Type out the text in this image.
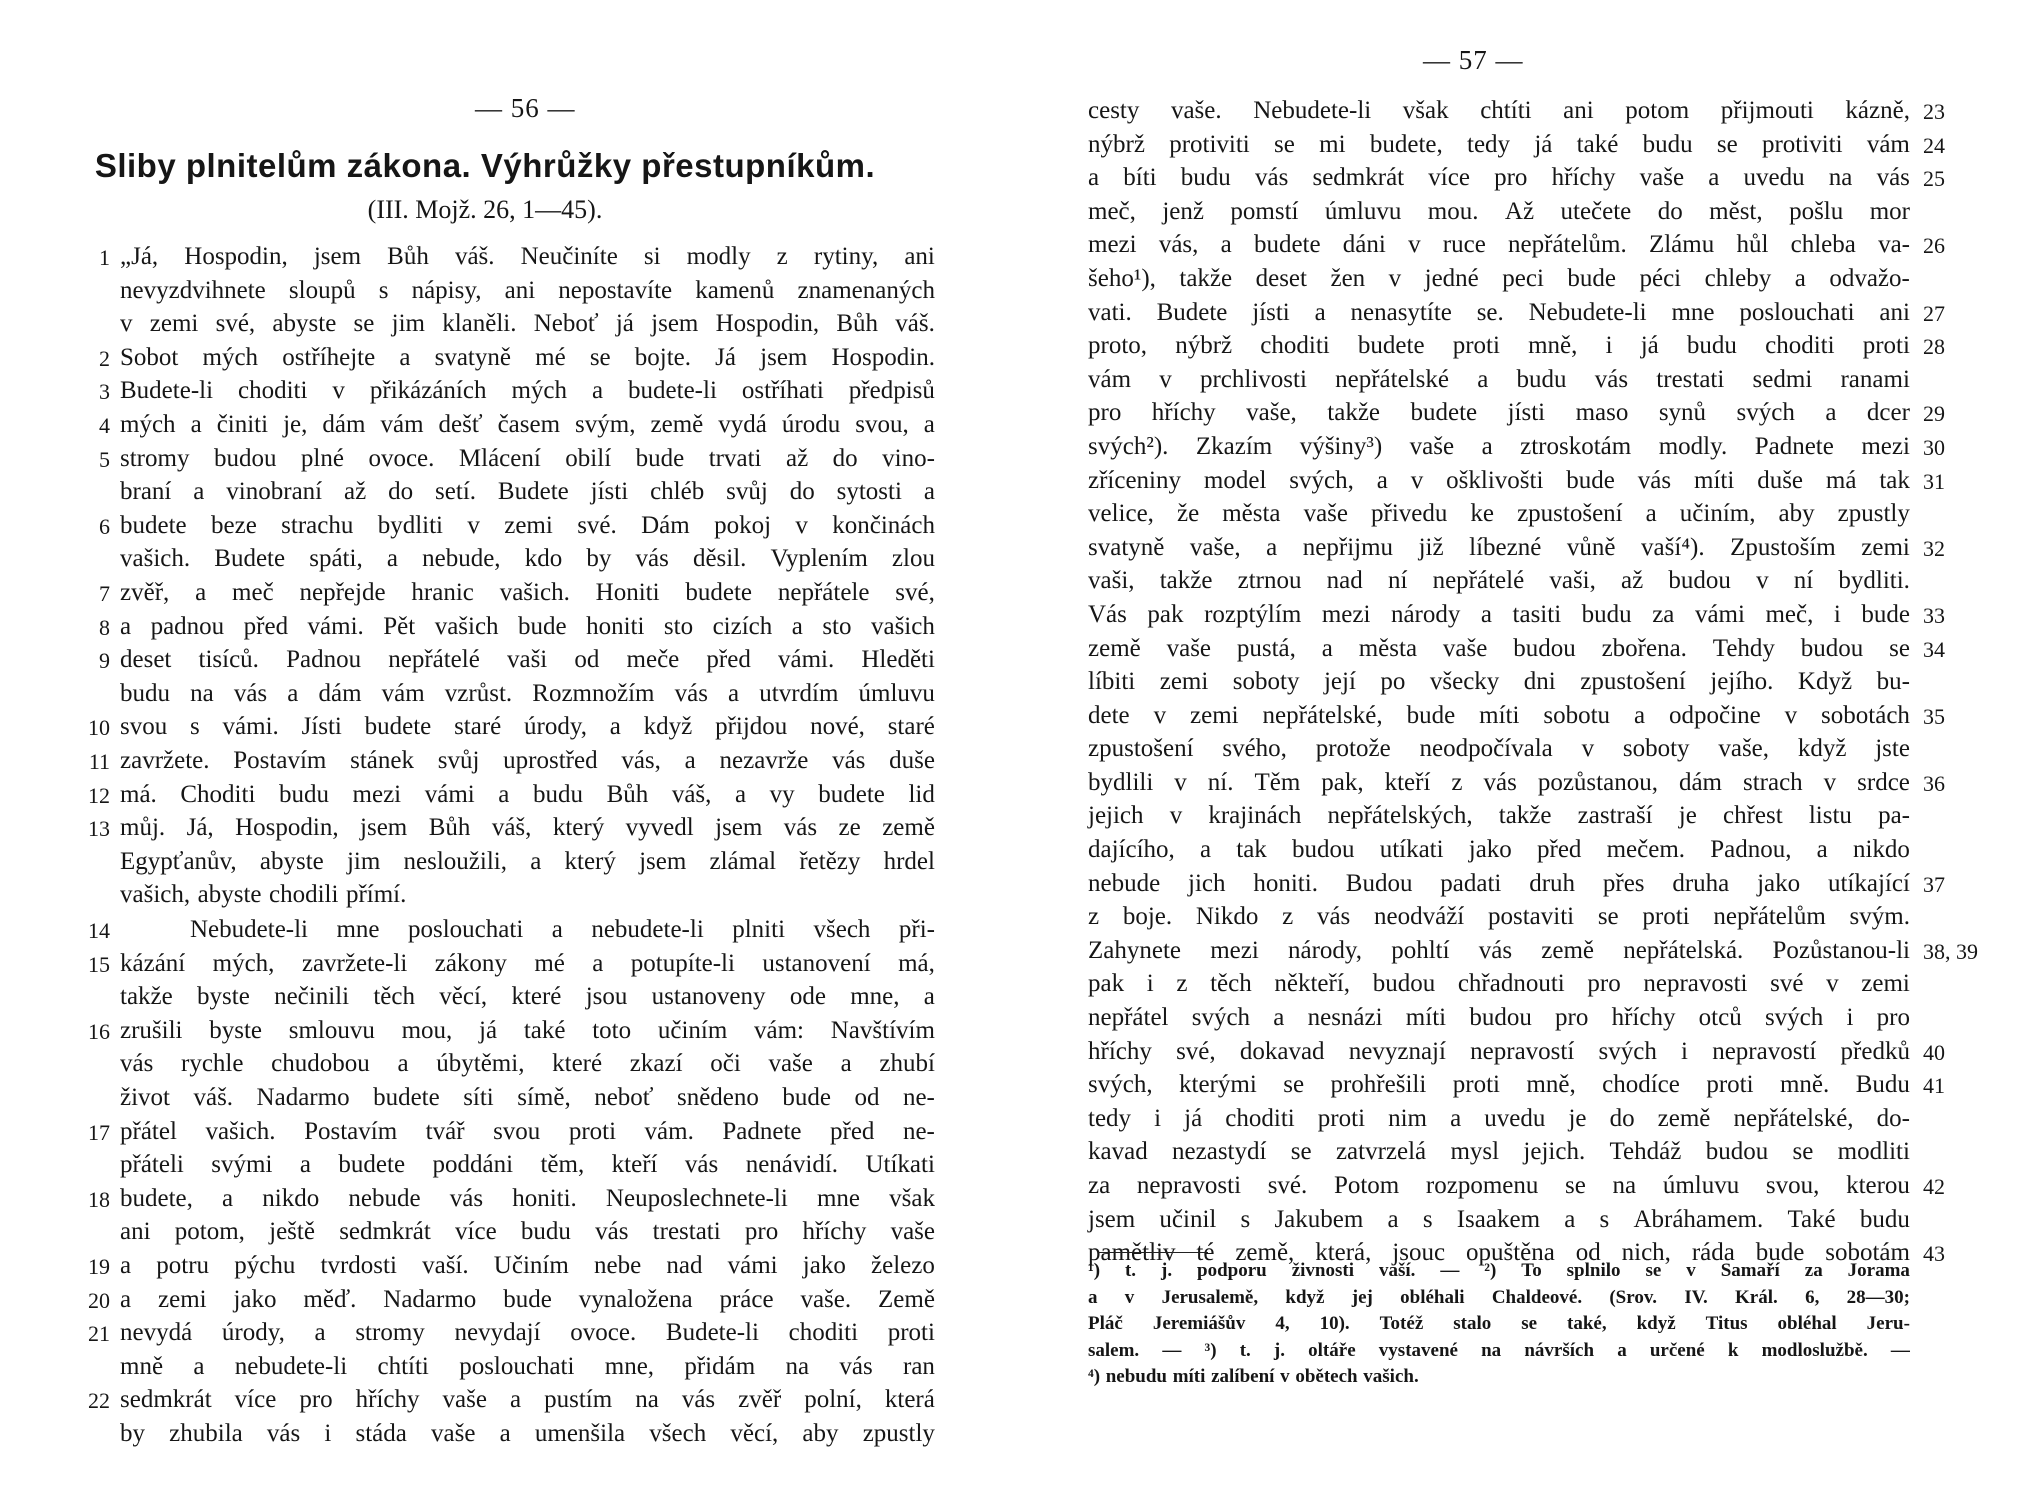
— 56 —
Sliby plnitelům zákona. Výhrůžky přestupníkům.
(III. Mojž. 26, 1—45).
1
2
3
4
5
6
7
8
9
10
11
12
13
„Já, Hospodin, jsem Bůh váš. Neučiníte si modly z rytiny, ani
nevyzdvihnete sloupů s nápisy, ani nepostavíte kamenů znamenaných
v zemi své, abyste se jim klaněli. Neboť já jsem Hospodin, Bůh váš.
Sobot mých ostříhejte a svatyně mé se bojte. Já jsem Hospodin.
Budete-li choditi v přikázáních mých a budete-li ostříhati předpisů
mých a činiti je, dám vám dešť časem svým, země vydá úrodu svou, a
stromy budou plné ovoce. Mlácení obilí bude trvati až do vino-
braní a vinobraní až do setí. Budete jísti chléb svůj do sytosti a
budete beze strachu bydliti v zemi své. Dám pokoj v končinách
vašich. Budete spáti, a nebude, kdo by vás děsil. Vyplením zlou
zvěř, a meč nepřejde hranic vašich. Honiti budete nepřátele své,
a padnou před vámi. Pět vašich bude honiti sto cizích a sto vašich
deset tisíců. Padnou nepřátelé vaši od meče před vámi. Hleděti
budu na vás a dám vám vzrůst. Rozmnožím vás a utvrdím úmluvu
svou s vámi. Jísti budete staré úrody, a když přijdou nové, staré
zavržete. Postavím stánek svůj uprostřed vás, a nezavrže vás duše
má. Choditi budu mezi vámi a budu Bůh váš, a vy budete lid
můj. Já, Hospodin, jsem Bůh váš, který vyvedl jsem vás ze země
Egypťanův, abyste jim nesloužili, a který jsem zlámal řetězy hrdel
vašich, abyste chodili přímí.
14
15
16
17
18
19
20
21
22
Nebudete-li mne poslouchati a nebudete-li plniti všech při-
kázání mých, zavržete-li zákony mé a potupíte-li ustanovení má,
takže byste nečinili těch věcí, které jsou ustanoveny ode mne, a
zrušili byste smlouvu mou, já také toto učiním vám: Navštívím
vás rychle chudobou a úbytěmi, které zkazí oči vaše a zhubí
život váš. Nadarmo budete síti símě, neboť snědeno bude od ne-
přátel vašich. Postavím tvář svou proti vám. Padnete před ne-
přáteli svými a budete poddáni těm, kteří vás nenávidí. Utíkati
budete, a nikdo nebude vás honiti. Neuposlechnete-li mne však
ani potom, ještě sedmkrát více budu vás trestati pro hříchy vaše
a potru pýchu tvrdosti vaší. Učiním nebe nad vámi jako železo
a zemi jako měď. Nadarmo bude vynaložena práce vaše. Země
nevydá úrody, a stromy nevydají ovoce. Budete-li choditi proti
mně a nebudete-li chtíti poslouchati mne, přidám na vás ran
sedmkrát více pro hříchy vaše a pustím na vás zvěř polní, která
by zhubila vás i stáda vaše a umenšila všech věcí, aby zpustly
— 57 —
cesty vaše. Nebudete-li však chtíti ani potom přijmouti kázně,
nýbrž protiviti se mi budete, tedy já také budu se protiviti vám
a bíti budu vás sedmkrát více pro hříchy vaše a uvedu na vás
meč, jenž pomstí úmluvu mou. Až utečete do měst, pošlu mor
mezi vás, a budete dáni v ruce nepřátelům. Zlámu hůl chleba va-
šeho¹), takže deset žen v jedné peci bude péci chleby a odvažo-
vati. Budete jísti a nenasytíte se. Nebudete-li mne poslouchati ani
proto, nýbrž choditi budete proti mně, i já budu choditi proti
vám v prchlivosti nepřátelské a budu vás trestati sedmi ranami
pro hříchy vaše, takže budete jísti maso synů svých a dcer
svých²). Zkazím výšiny³) vaše a ztroskotám modly. Padnete mezi
zříceniny model svých, a v ošklivošti bude vás míti duše má tak
velice, že města vaše přivedu ke zpustošení a učiním, aby zpustly
svatyně vaše, a nepřijmu již líbezné vůně vaší⁴). Zpustoším zemi
vaši, takže ztrnou nad ní nepřátelé vaši, až budou v ní bydliti.
Vás pak rozptýlím mezi národy a tasiti budu za vámi meč, i bude
země vaše pustá, a města vaše budou zbořena. Tehdy budou se
líbiti zemi soboty její po všecky dni zpustošení jejího. Když bu-
dete v zemi nepřátelské, bude míti sobotu a odpočine v sobotách
zpustošení svého, protože neodpočívala v soboty vaše, když jste
bydlili v ní. Těm pak, kteří z vás pozůstanou, dám strach v srdce
jejich v krajinách nepřátelských, takže zastraší je chřest listu pa-
dajícího, a tak budou utíkati jako před mečem. Padnou, a nikdo
nebude jich honiti. Budou padati druh přes druha jako utíkající
z boje. Nikdo z vás neodváží postaviti se proti nepřátelům svým.
Zahynete mezi národy, pohltí vás země nepřátelská. Pozůstanou-li
pak i z těch někteří, budou chřadnouti pro nepravosti své v zemi
nepřátel svých a nesnázi míti budou pro hříchy otců svých i pro
hříchy své, dokavad nevyznají nepravostí svých i nepravostí předků
svých, kterými se prohřešili proti mně, chodíce proti mně. Budu
tedy i já choditi proti nim a uvedu je do země nepřátelské, do-
kavad nezastydí se zatvrzelá mysl jejich. Tehdáž budou se modliti
za nepravosti své. Potom rozpomenu se na úmluvu svou, kterou
jsem učinil s Jakubem a s Isaakem a s Abráhamem. Také budu
pamětliv té země, která, jsouc opuštěna od nich, ráda bude sobotám
23
24
25
26
27
28
29
30
31
32
33
34
35
36
37
38, 39
40
41
42
43
¹) t. j. podporu živnosti vaší. — ²) To splnilo se v Samaří za Jorama
a v Jerusalemě, když jej obléhali Chaldeové. (Srov. IV. Král. 6, 28—30;
Pláč Jeremiášův 4, 10). Totéž stalo se také, když Titus obléhal Jeru-
salem. — ³) t. j. oltáře vystavené na návrších a určené k modloslužbě. —
⁴) nebudu míti zalíbení v obětech vašich.
